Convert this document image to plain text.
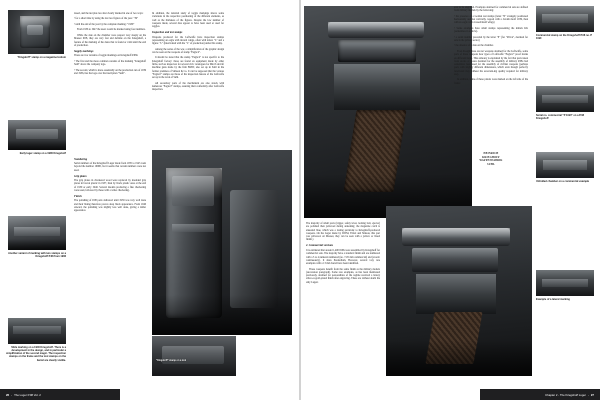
"Kingdorff" stamp on a magazine bottom
Early luger stamp on a 1906 Kriegshoff
Another variant of marking with two stamps on a Kriegshoff P.08 from 1906
Slide marking on a 1940 Kriegshoff. There is a development in the design, and in particular a simplification of the second magic. The inspection stamps on the frame and the tool stamps on the barrel are clearly visible.

dosed, and the nut plus two shot clearly marked in one of two ways:

• for a short time by using the last two figures of the year: "39"

• until the end of the year by the complete marking: "1939"

From 1936 to 1947 the users would be marked using four numbers.

While the date on the chamber were suspect very deeply on the Mauser P.08, they are very fast and definite on the Kriegshoff, a feature of the marking of the dates that is found or valid until the end of production.

Supply markings

There are two variants of toggle markings on Kriegshoff P.08s:

• The first and the more common consists of the marking "Kriegshoff Suhl" above the company logo.

• The second, which is more essentially on the production run of 1939 and 1936, has the logo over the inscription "Suhl".

Numbering

Serial numbers of the Kriegshoff Luger made from 1935 to 1945 went beyond the number 10000, but it seems that certain numbers were not used.

Grip plates

The grip plates in checkered wood were replaced by moulded grip plates in brown plastic in 1937, then by black plastic ones at the end of 1939 or early 1940. Several models producing a fine checkering were used, followed by those with a wider checkering.

Finish

The polishing of P.08 parts delivered until 1939 was very well done and their bluing therefore proves deep black appearance. From 1940 onward, the polishing was slightly less well done, giving a duller appearance.

In addition, the detailed study of toggle markings shows some variations in the respective positioning of the different elements, as well as the thickness of the figures. Despite the low number of weapons made, several dies appear to have been used or used for toggles.

Inspection and test stamps

Weapons produced for the Luftwaffe have inspection stamps representing an eagle with inward wings, often with letters "L" and a figure: "L" (intertwined with the "L" of production) under this stamp.

Among the series of the war, a simplification of the graphic design can be seen on the weapons of stamp "Eagle/2".

It should be noted that the stamp "Eagle/2" is not specific to the Kriegshoff factory: these are found on equipment made by other firms, such as inspectors for several civic catalogues for Mk15 aircraft machine guns made by the firm BMW, also set up in Suhl in the former premises of Simson & Co. It can be supposed that the various "Eagle/2" stamps are those of the inspection bureau of the Luftwaffe set up in the town of Suhl.

All secondary parts of the mechanism are also struck with numerous "Eagle/2" stamps, assuring their conformity after Luftwaffe inspection.

"Kingdorff" stamp on a tool
26 - The Luger P.08 Vol. 2
Commercial stamp on the Kriegshoff P.08 no. P 1190
Serial no. commercial "P 1190" on a P.08 Kriegshoff
Unfolded chamber on a commercial example
Example of a lateral marking

The majority of small parts (trigger, safety lever, locking bolt, ejector) are polished then yellowed during annealing; the magazine catch is annealed blue, which was a lasting particular to Kriegshoff-produced weapons. On the Luger made by DWM, Erfurt and Simson, this part was yellowed. At Mauser, they can be seen with a yellow or blued finish.)

2. Commercial versions

It is estimated that around 1,400 P.08s were assembled by Kriegshoff for commercial sale. The majority have a standard finish and are numbered with a 3 to 4 numeral numbered (no. 7-05 mm commercial) and (sworn/ continuously). It dates Pasabellum, However, several very rare examples with a 13 mm barrel have been identified.

These weapons benefit from the same finish as the military models (succession paragraph). Some rare examples, as has been mentioned previously, destined for personalities of the regime received a luxury silver-or-gold-plated finish after engraving. These are without doubt the only Lugers

ever to be engraved. Examples destined for commercial sale are defined from military models by the following:

• the presence of a Golden test stamps (letter "N" strangely positioned horizontally and not vertically, topped with a Jewish mold 1939, then with an eagle with crossed/mold wings)

• Some examples have small stamps representing the initials KK (sometimes in a circle).

• a serial number preceded by the letter "P" (for "Privat", destined for sale in the private sector)

• the absence of a date on the chamber.

Even though these are not weapons destined for the Luftwaffe, some parts of these weapons bear types of Luftwaffe "Eagle/2" proof marks on different items. This armoury is explained by the fact that parts taken from stocks of spares destined for the assembly of military P.08s had sometimes been used for the assembly of civilian weapons (perhaps parts with slightly different dimensions, which even though perfectly functional may without the ascertain-ing quality required for military use).

In addition, some of these pistols were marked on the left side of the frame:

HEINRICH
KRIEGHOFF
WAFFENFABRIK
SUHL
Chapter 2 - The Kriegshoff Luger - 27
